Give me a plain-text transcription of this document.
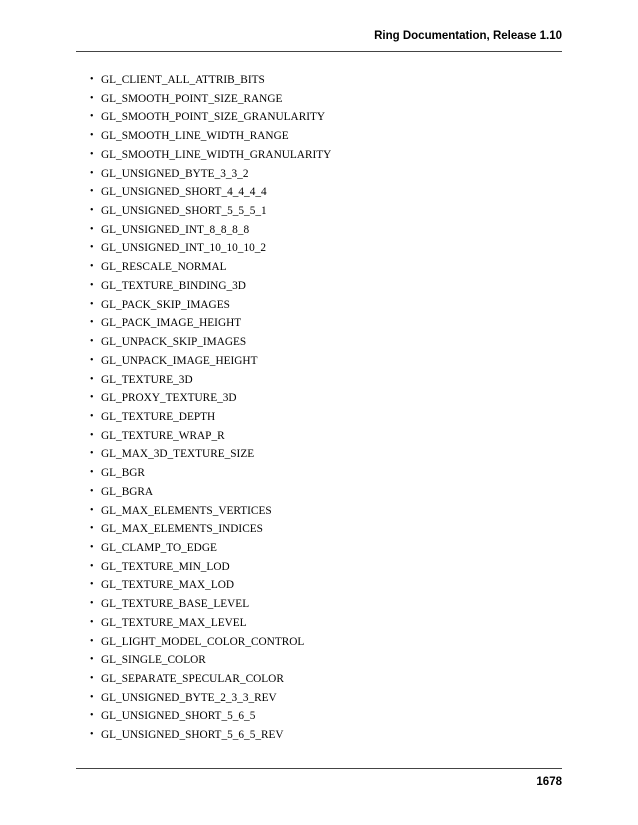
Ring Documentation, Release 1.10
• GL_CLIENT_ALL_ATTRIB_BITS
• GL_SMOOTH_POINT_SIZE_RANGE
• GL_SMOOTH_POINT_SIZE_GRANULARITY
• GL_SMOOTH_LINE_WIDTH_RANGE
• GL_SMOOTH_LINE_WIDTH_GRANULARITY
• GL_UNSIGNED_BYTE_3_3_2
• GL_UNSIGNED_SHORT_4_4_4_4
• GL_UNSIGNED_SHORT_5_5_5_1
• GL_UNSIGNED_INT_8_8_8_8
• GL_UNSIGNED_INT_10_10_10_2
• GL_RESCALE_NORMAL
• GL_TEXTURE_BINDING_3D
• GL_PACK_SKIP_IMAGES
• GL_PACK_IMAGE_HEIGHT
• GL_UNPACK_SKIP_IMAGES
• GL_UNPACK_IMAGE_HEIGHT
• GL_TEXTURE_3D
• GL_PROXY_TEXTURE_3D
• GL_TEXTURE_DEPTH
• GL_TEXTURE_WRAP_R
• GL_MAX_3D_TEXTURE_SIZE
• GL_BGR
• GL_BGRA
• GL_MAX_ELEMENTS_VERTICES
• GL_MAX_ELEMENTS_INDICES
• GL_CLAMP_TO_EDGE
• GL_TEXTURE_MIN_LOD
• GL_TEXTURE_MAX_LOD
• GL_TEXTURE_BASE_LEVEL
• GL_TEXTURE_MAX_LEVEL
• GL_LIGHT_MODEL_COLOR_CONTROL
• GL_SINGLE_COLOR
• GL_SEPARATE_SPECULAR_COLOR
• GL_UNSIGNED_BYTE_2_3_3_REV
• GL_UNSIGNED_SHORT_5_6_5
• GL_UNSIGNED_SHORT_5_6_5_REV
1678
